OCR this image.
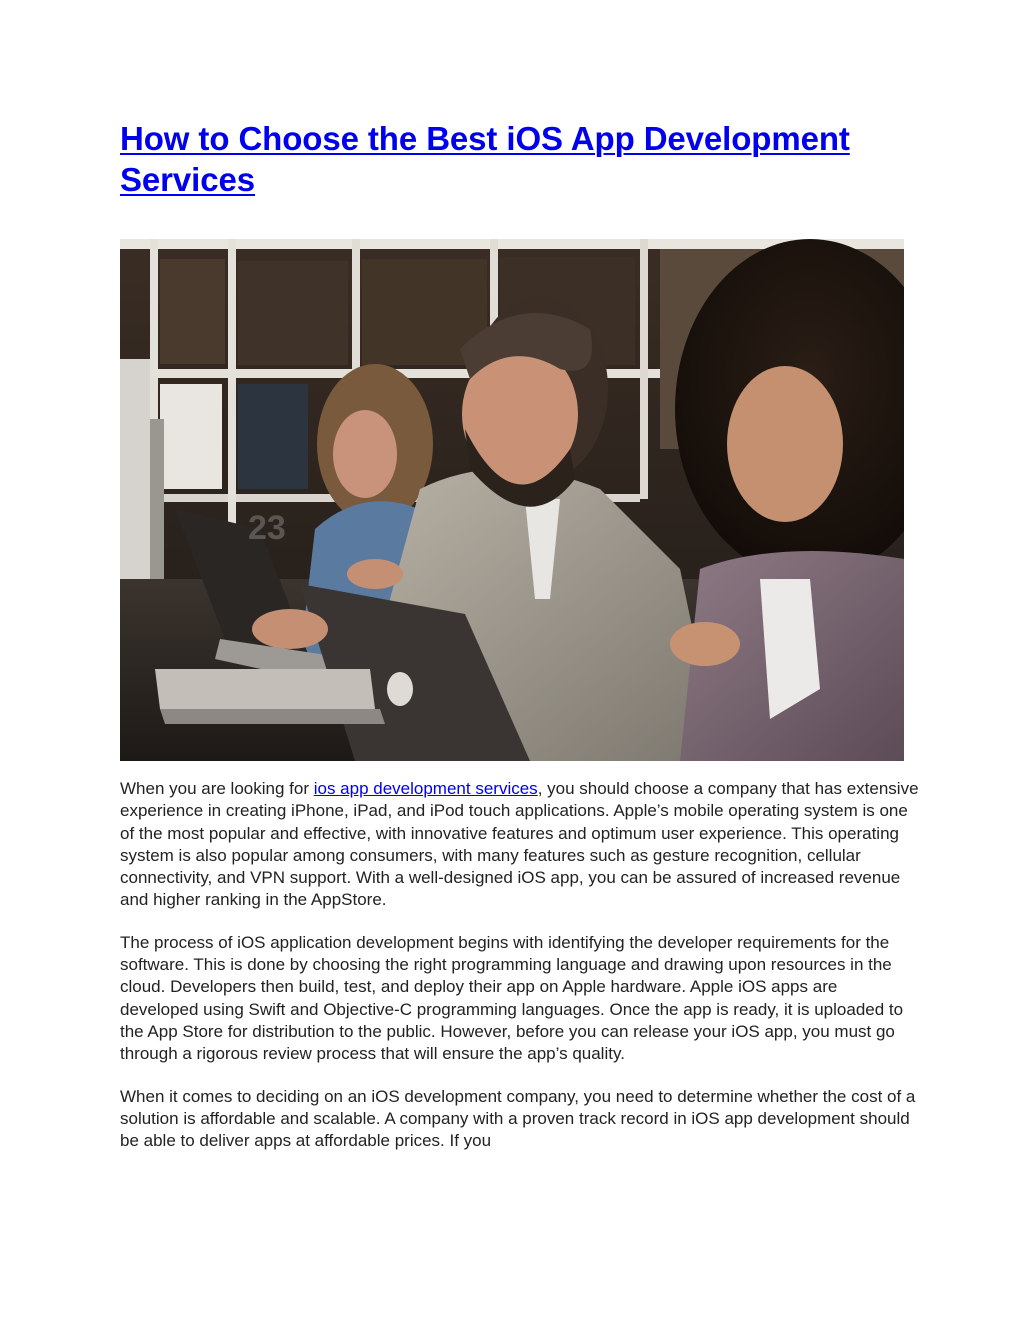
How to Choose the Best iOS App Development Services
23

When you are looking for ios app development services, you should choose a company that has extensive experience in creating iPhone, iPad, and iPod touch applications. Apple’s mobile operating system is one of the most popular and effective, with innovative features and optimum user experience. This operating system is also popular among consumers, with many features such as gesture recognition, cellular connectivity, and VPN support. With a well-designed iOS app, you can be assured of increased revenue and higher ranking in the AppStore.

The process of iOS application development begins with identifying the developer requirements for the software. This is done by choosing the right programming language and drawing upon resources in the cloud. Developers then build, test, and deploy their app on Apple hardware. Apple iOS apps are developed using Swift and Objective-C programming languages. Once the app is ready, it is uploaded to the App Store for distribution to the public. However, before you can release your iOS app, you must go through a rigorous review process that will ensure the app’s quality.

When it comes to deciding on an iOS development company, you need to determine whether the cost of a solution is affordable and scalable. A company with a proven track record in iOS app development should be able to deliver apps at affordable prices. If you
